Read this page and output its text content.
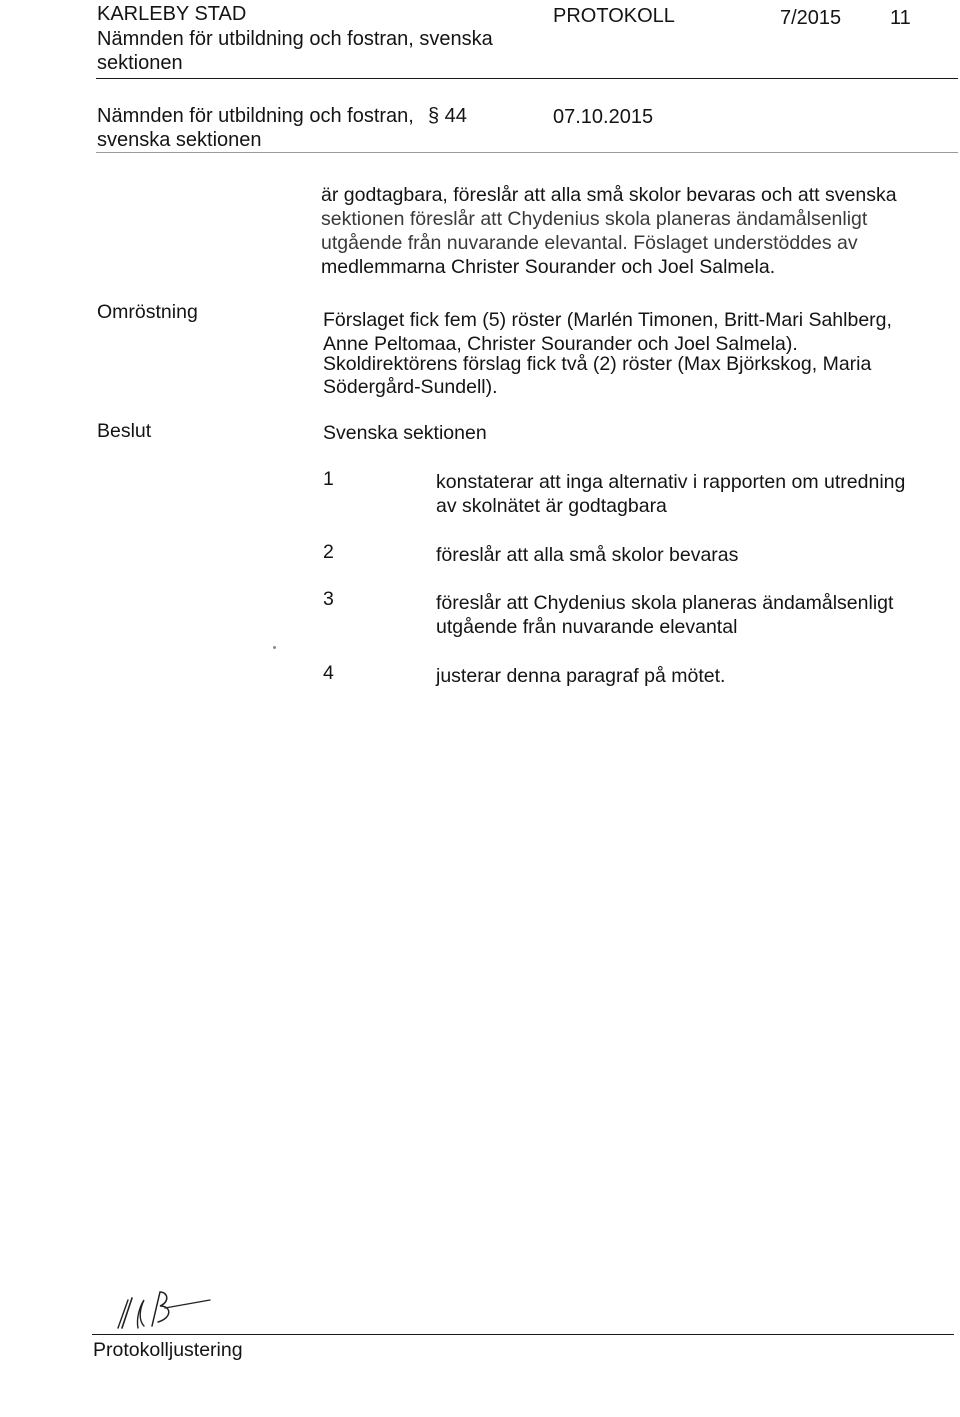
KARLEBY STAD
Nämnden för utbildning och fostran, svenska
sektionen
PROTOKOLL	7/2015 11
Nämnden för utbildning och fostran, § 44
svenska sektionen
07.10.2015
är godtagbara, föreslår att alla små skolor bevaras och att svenska
sektionen föreslår att Chydenius skola planeras ändamålsenligt
utgående från nuvarande elevantal. Föslaget understöddes av
medlemmarna Christer Sourander och Joel Salmela.
Omröstning	Förslaget fick fem (5) röster (Marlén Timonen, Britt-Mari Sahlberg,
Anne Peltomaa, Christer Sourander och Joel Salmela).
Skoldirektörens förslag fick två (2) röster (Max Björkskog, Maria
Södergård-Sundell).
Beslut	Svenska sektionen
1	konstaterar att inga alternativ i rapporten om utredning
av skolnätet är godtagbara
2	föreslår att alla små skolor bevaras
3	föreslår att Chydenius skola planeras ändamålsenligt
utgående från nuvarande elevantal
4	justerar denna paragraf på mötet.
Protokolljustering
